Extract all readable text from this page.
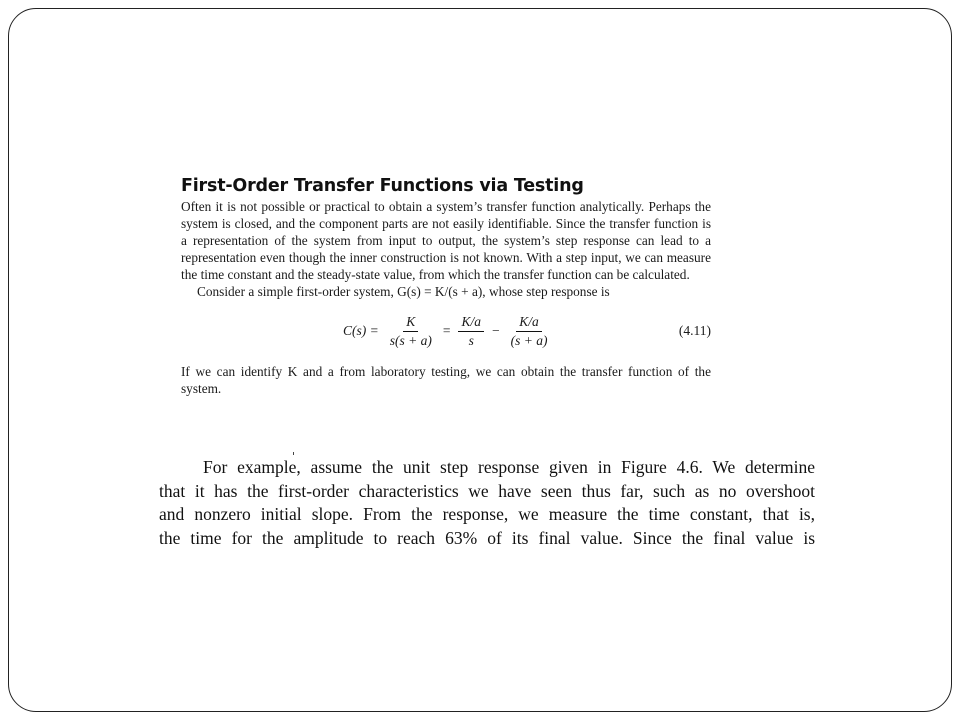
First-Order Transfer Functions via Testing

Often it is not possible or practical to obtain a system’s transfer function analytically. Perhaps the system is closed, and the component parts are not easily identifiable. Since the transfer function is a representation of the system from input to output, the system’s step response can lead to a representation even though the inner construction is not known. With a step input, we can measure the time constant and the steady-state value, from which the transfer function can be calculated.

Consider a simple first-order system, G(s) = K/(s + a), whose step response is

$C(s) = \frac{K}{s(s + a)} = \frac{K/a}{s} - \frac{K/a}{(s + a)}$	(4.11)

If we can identify K and a from laboratory testing, we can obtain the transfer function of the system.

For example, assume the unit step response given in Figure 4.6. We determine
that it has the first-order characteristics we have seen thus far, such as no overshoot
and nonzero initial slope. From the response, we measure the time constant, that is,
the time for the amplitude to reach 63% of its final value. Since the final value is
